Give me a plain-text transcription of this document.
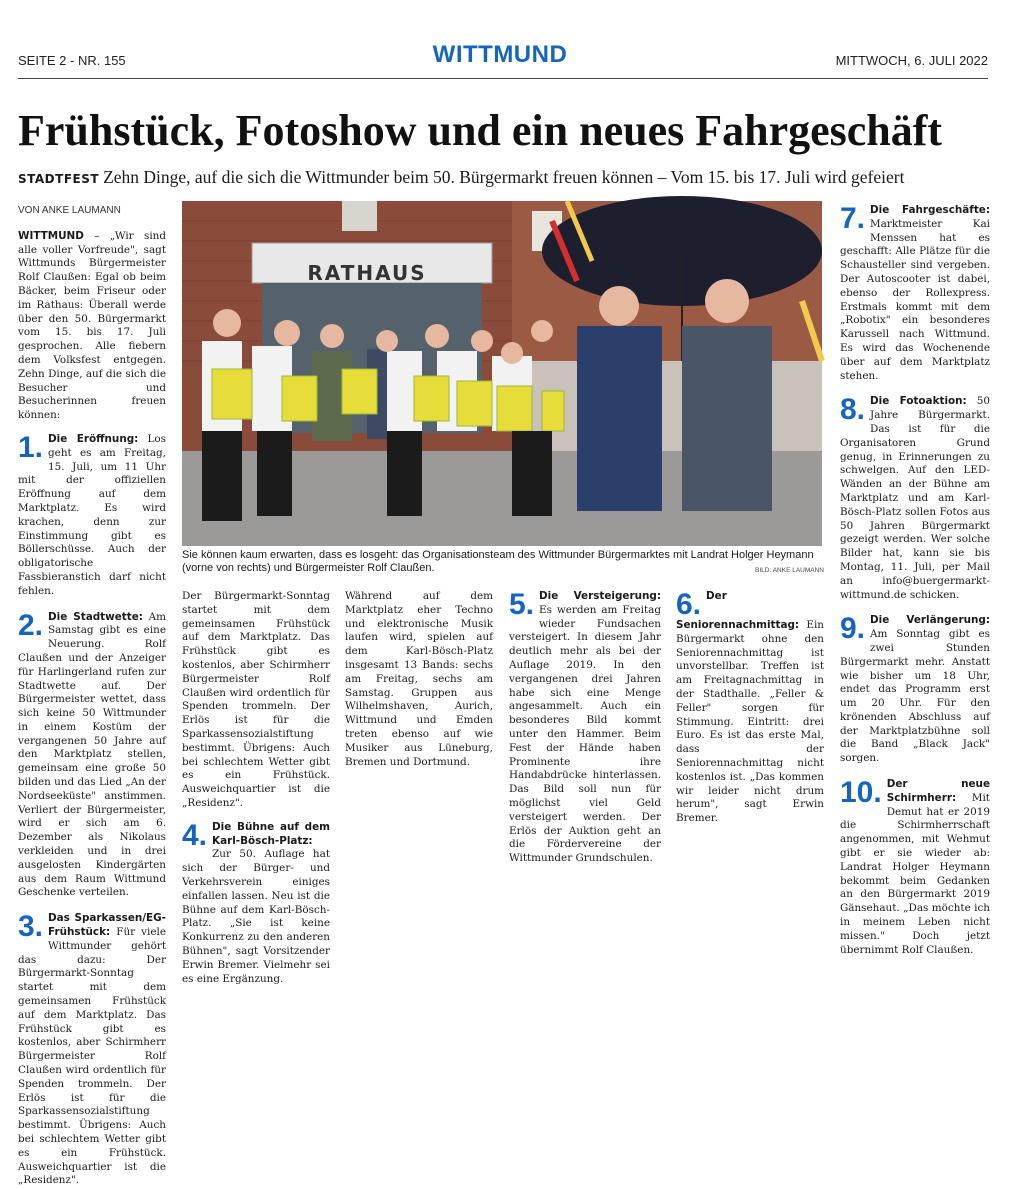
SEITE 2 - NR. 155	WITTMUND	MITTWOCH, 6. JULI 2022
Frühstück, Fotoshow und ein neues Fahrgeschäft
STADTFEST Zehn Dinge, auf die sich die Wittmunder beim 50. Bürgermarkt freuen können – Vom 15. bis 17. Juli wird gefeiert

VON ANKE LAUMANN

WITTMUND – „Wir sind alle voller Vorfreude", sagt Wittmunds Bürgermeister Rolf Claußen: Egal ob beim Bäcker, beim Friseur oder im Rathaus: Überall werde über den 50. Bürgermarkt vom 15. bis 17. Juli gesprochen. Alle fiebern dem Volksfest entgegen. Zehn Dinge, auf die sich die Besucher und Besucherinnen freuen können:

1. Die Eröffnung: Los geht es am Freitag, 15. Juli, um 11 Uhr mit der offiziellen Eröffnung auf dem Marktplatz. Es wird krachen, denn zur Einstimmung gibt es Böllerschüsse. Auch der obligatorische Fassbieranstich darf nicht fehlen.

2. Die Stadtwette: Am Samstag gibt es eine Neuerung. Rolf Claußen und der Anzeiger für Harlingerland rufen zur Stadtwette auf. Der Bürgermeister wettet, dass sich keine 50 Wittmunder in einem Kostüm der vergangenen 50 Jahre auf den Marktplatz stellen, gemeinsam eine große 50 bilden und das Lied „An der Nordseeküste" anstimmen. Verliert der Bürgermeister, wird er sich am 6. Dezember als Nikolaus verkleiden und in drei ausgelosten Kindergärten aus dem Raum Wittmund Geschenke verteilen.

3. Das Sparkassen/EG-Frühstück: Für viele Wittmunder gehört das dazu: Der Bürgermarkt-Sonntag startet mit dem gemeinsamen Frühstück auf dem Marktplatz. Das Frühstück gibt es kostenlos, aber Schirmherr Bürgermeister Rolf Claußen wird ordentlich für Spenden trommeln. Der Erlös ist für die Sparkassensozialstiftung bestimmt. Übrigens: Auch bei schlechtem Wetter gibt es ein Frühstück. Ausweichquartier ist die „Residenz".

RATHAUS
Sie können kaum erwarten, dass es losgeht: das Organisationsteam des Wittmunder Bürgermarktes mit Landrat Holger Heymann (vorne von rechts) und Bürgermeister Rolf Claußen.	BILD: ANKE LAUMANN

Der Bürgermarkt-Sonntag startet mit dem gemeinsamen Frühstück auf dem Marktplatz. Das Frühstück gibt es kostenlos, aber Schirmherr Bürgermeister Rolf Claußen wird ordentlich für Spenden trommeln. Der Erlös ist für die Sparkassensozialstiftung bestimmt. Übrigens: Auch bei schlechtem Wetter gibt es ein Frühstück. Ausweichquartier ist die „Residenz".

4. Die Bühne auf dem Karl-Bösch-Platz: Zur 50. Auflage hat sich der Bürger- und Verkehrsverein einiges einfallen lassen. Neu ist die Bühne auf dem Karl-Bösch-Platz. „Sie ist keine Konkurrenz zu den anderen Bühnen", sagt Vorsitzender Erwin Bremer. Vielmehr sei es eine Ergänzung.

Während auf dem Marktplatz eher Techno und elektronische Musik laufen wird, spielen auf dem Karl-Bösch-Platz insgesamt 13 Bands: sechs am Freitag, sechs am Samstag. Gruppen aus Wilhelmshaven, Aurich, Wittmund und Emden treten ebenso auf wie Musiker aus Lüneburg, Bremen und Dortmund.

5. Die Versteigerung: Es werden am Freitag wieder Fundsachen versteigert. In diesem Jahr deutlich mehr als bei der Auflage 2019. In den vergangenen drei Jahren habe sich eine Menge angesammelt. Auch ein besonderes Bild kommt unter den Hammer. Beim Fest der Hände haben Prominente ihre Handabdrücke hinterlassen. Das Bild soll nun für möglichst viel Geld versteigert werden. Der Erlös der Auktion geht an die Fördervereine der Wittmunder Grundschulen.

6. Der Seniorennachmittag: Ein Bürgermarkt ohne den Seniorennachmittag ist unvorstellbar. Treffen ist am Freitagnachmittag in der Stadthalle. „Feller & Feller" sorgen für Stimmung. Eintritt: drei Euro. Es ist das erste Mal, dass der Seniorennachmittag nicht kostenlos ist. „Das kommen wir leider nicht drum herum", sagt Erwin Bremer.

7. Die Fahrgeschäfte: Marktmeister Kai Menssen hat es geschafft: Alle Plätze für die Schausteller sind vergeben. Der Autoscooter ist dabei, ebenso der Rollexpress. Erstmals kommt mit dem „Robotix" ein besonderes Karussell nach Wittmund. Es wird das Wochenende über auf dem Marktplatz stehen.

8. Die Fotoaktion: 50 Jahre Bürgermarkt. Das ist für die Organisatoren Grund genug, in Erinnerungen zu schwelgen. Auf den LED-Wänden an der Bühne am Marktplatz und am Karl-Bösch-Platz sollen Fotos aus 50 Jahren Bürgermarkt gezeigt werden. Wer solche Bilder hat, kann sie bis Montag, 11. Juli, per Mail an info@buergermarkt-wittmund.de schicken.

9. Die Verlängerung: Am Sonntag gibt es zwei Stunden Bürgermarkt mehr. Anstatt wie bisher um 18 Uhr, endet das Programm erst um 20 Uhr. Für den krönenden Abschluss auf der Marktplatzbühne soll die Band „Black Jack" sorgen.

10. Der neue Schirmherr: Mit Demut hat er 2019 die Schirmherrschaft angenommen, mit Wehmut gibt er sie wieder ab: Landrat Holger Heymann bekommt beim Gedanken an den Bürgermarkt 2019 Gänsehaut. „Das möchte ich in meinem Leben nicht missen." Doch jetzt übernimmt Rolf Claußen.
